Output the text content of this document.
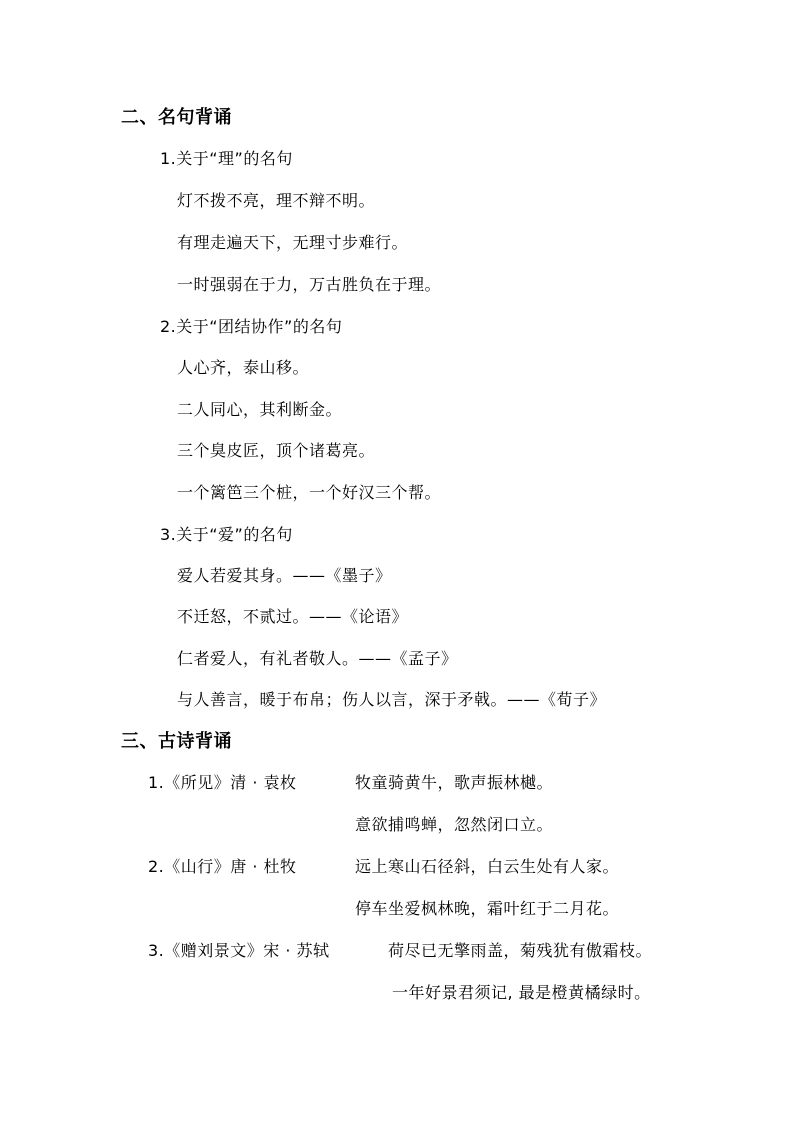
二、名句背诵
1.关于“理”的名句
灯不拨不亮，理不辩不明。
有理走遍天下，无理寸步难行。
一时强弱在于力，万古胜负在于理。
2.关于“团结协作”的名句
人心齐，泰山移。
二人同心，其利断金。
三个臭皮匠，顶个诸葛亮。
一个篱笆三个桩，一个好汉三个帮。
3.关于“爱”的名句
爱人若爱其身。——《墨子》
不迁怒，不贰过。——《论语》
仁者爱人，有礼者敬人。——《孟子》
与人善言，暖于布帛；伤人以言，深于矛戟。——《荀子》
三、古诗背诵
1.《所见》清 · 袁枚	牧童骑黄牛，歌声振林樾。
意欲捕鸣蝉，忽然闭口立。
2.《山行》唐 · 杜牧	远上寒山石径斜，白云生处有人家。
停车坐爱枫林晚，霜叶红于二月花。
3.《赠刘景文》宋 · 苏轼	荷尽已无擎雨盖，菊残犹有傲霜枝。
一年好景君须记, 最是橙黄橘绿时。
